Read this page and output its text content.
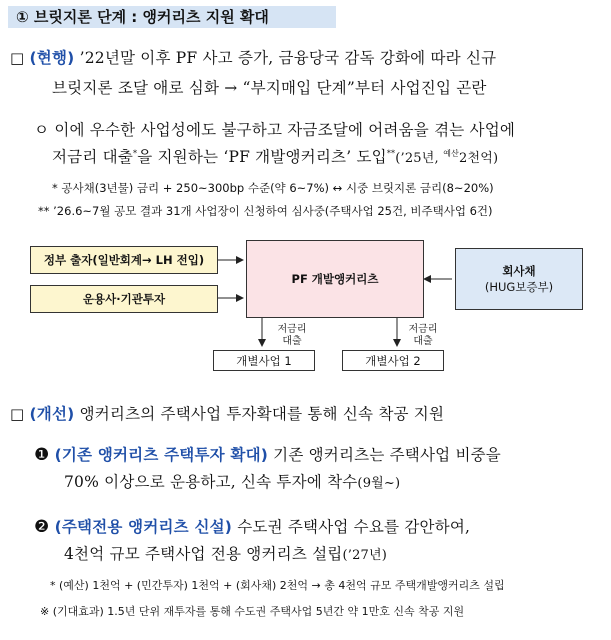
① 브릿지론 단계 : 앵커리츠 지원 확대
□ (현행) ’22년말 이후 PF 사고 증가, 금융당국 감독 강화에 따라 신규
브릿지론 조달 애로 심화 → “부지매입 단계”부터 사업진입 곤란
ㅇ 이에 우수한 사업성에도 불구하고 자금조달에 어려움을 겪는 사업에
저금리 대출*을 지원하는 ‘PF 개발앵커리츠’ 도입**(’25년, $^{예산}$2천억)
* 공사채(3년물) 금리 + 250~300bp 수준(약 6~7%) ↔ 시중 브릿지론 금리(8~20%)
** ’26.6~7월 공모 결과 31개 사업장이 신청하여 심사중(주택사업 25건, 비주택사업 6건)
정부 출자(일반회계→ LH 전입)
운용사·기관투자
PF 개발앵커리츠
회사채
(HUG보증부)
저금리
대출
저금리
대출
개별사업 1	개별사업 2
□ (개선) 앵커리츠의 주택사업 투자확대를 통해 신속 착공 지원
❶ (기존 앵커리츠 주택투자 확대) 기존 앵커리츠는 주택사업 비중을
70% 이상으로 운용하고, 신속 투자에 착수(9월~)
❷ (주택전용 앵커리츠 신설) 수도권 주택사업 수요를 감안하여,
4천억 규모 주택사업 전용 앵커리츠 설립(’27년)
* (예산) 1천억 + (민간투자) 1천억 + (회사채) 2천억 → 총 4천억 규모 주택개발앵커리츠 설립
※ (기대효과) 1.5년 단위 재투자를 통해 수도권 주택사업 5년간 약 1만호 신속 착공 지원
